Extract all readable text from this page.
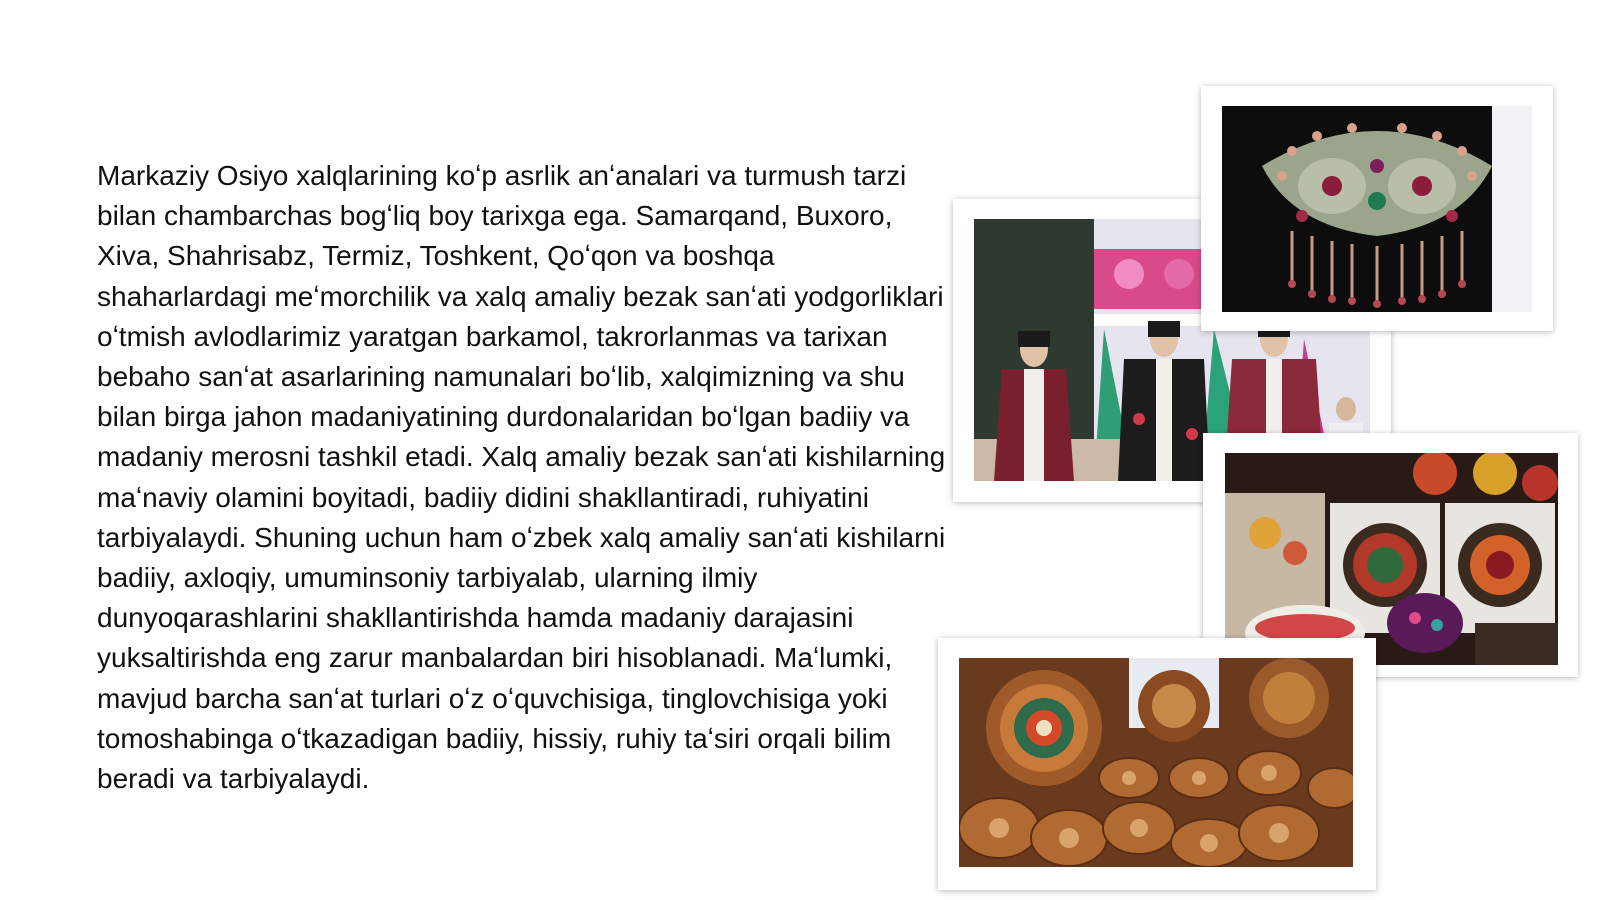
Markaziy Osiyo xalqlarining koʻp asrlik anʻanalari va turmush tarzi bilan chambarchas bogʻliq boy tarixga ega. Samarqand, Buxoro, Xiva, Shahrisabz, Termiz, Toshkent, Qoʻqon va boshqa shaharlardagi meʻmorchilik va xalq amaliy bezak sanʻati yodgorliklari oʻtmish avlodlarimiz yaratgan barkamol, takrorlanmas va tarixan bebaho sanʻat asarlarining namunalari boʻlib, xalqimizning va shu bilan birga jahon madaniyatining durdonalaridan boʻlgan badiiy va madaniy merosni tashkil etadi. Xalq amaliy bezak sanʻati kishilarning maʻnaviy olamini boyitadi, badiiy didini shakllantiradi, ruhiyatini tarbiyalaydi. Shuning uchun ham oʻzbek xalq amaliy sanʻati kishilarni badiiy, axloqiy, umuminsoniy tarbiyalab, ularning ilmiy dunyoqarashlarini shakllantirishda hamda madaniy darajasini yuksaltirishda eng zarur manbalardan biri hisoblanadi. Maʻlumki, mavjud barcha sanʻat turlari oʻz oʻquvchisiga, tinglovchisiga yoki tomoshabinga oʻtkazadigan badiiy, hissiy, ruhiy taʻsiri orqali bilim beradi va tarbiyalaydi.
